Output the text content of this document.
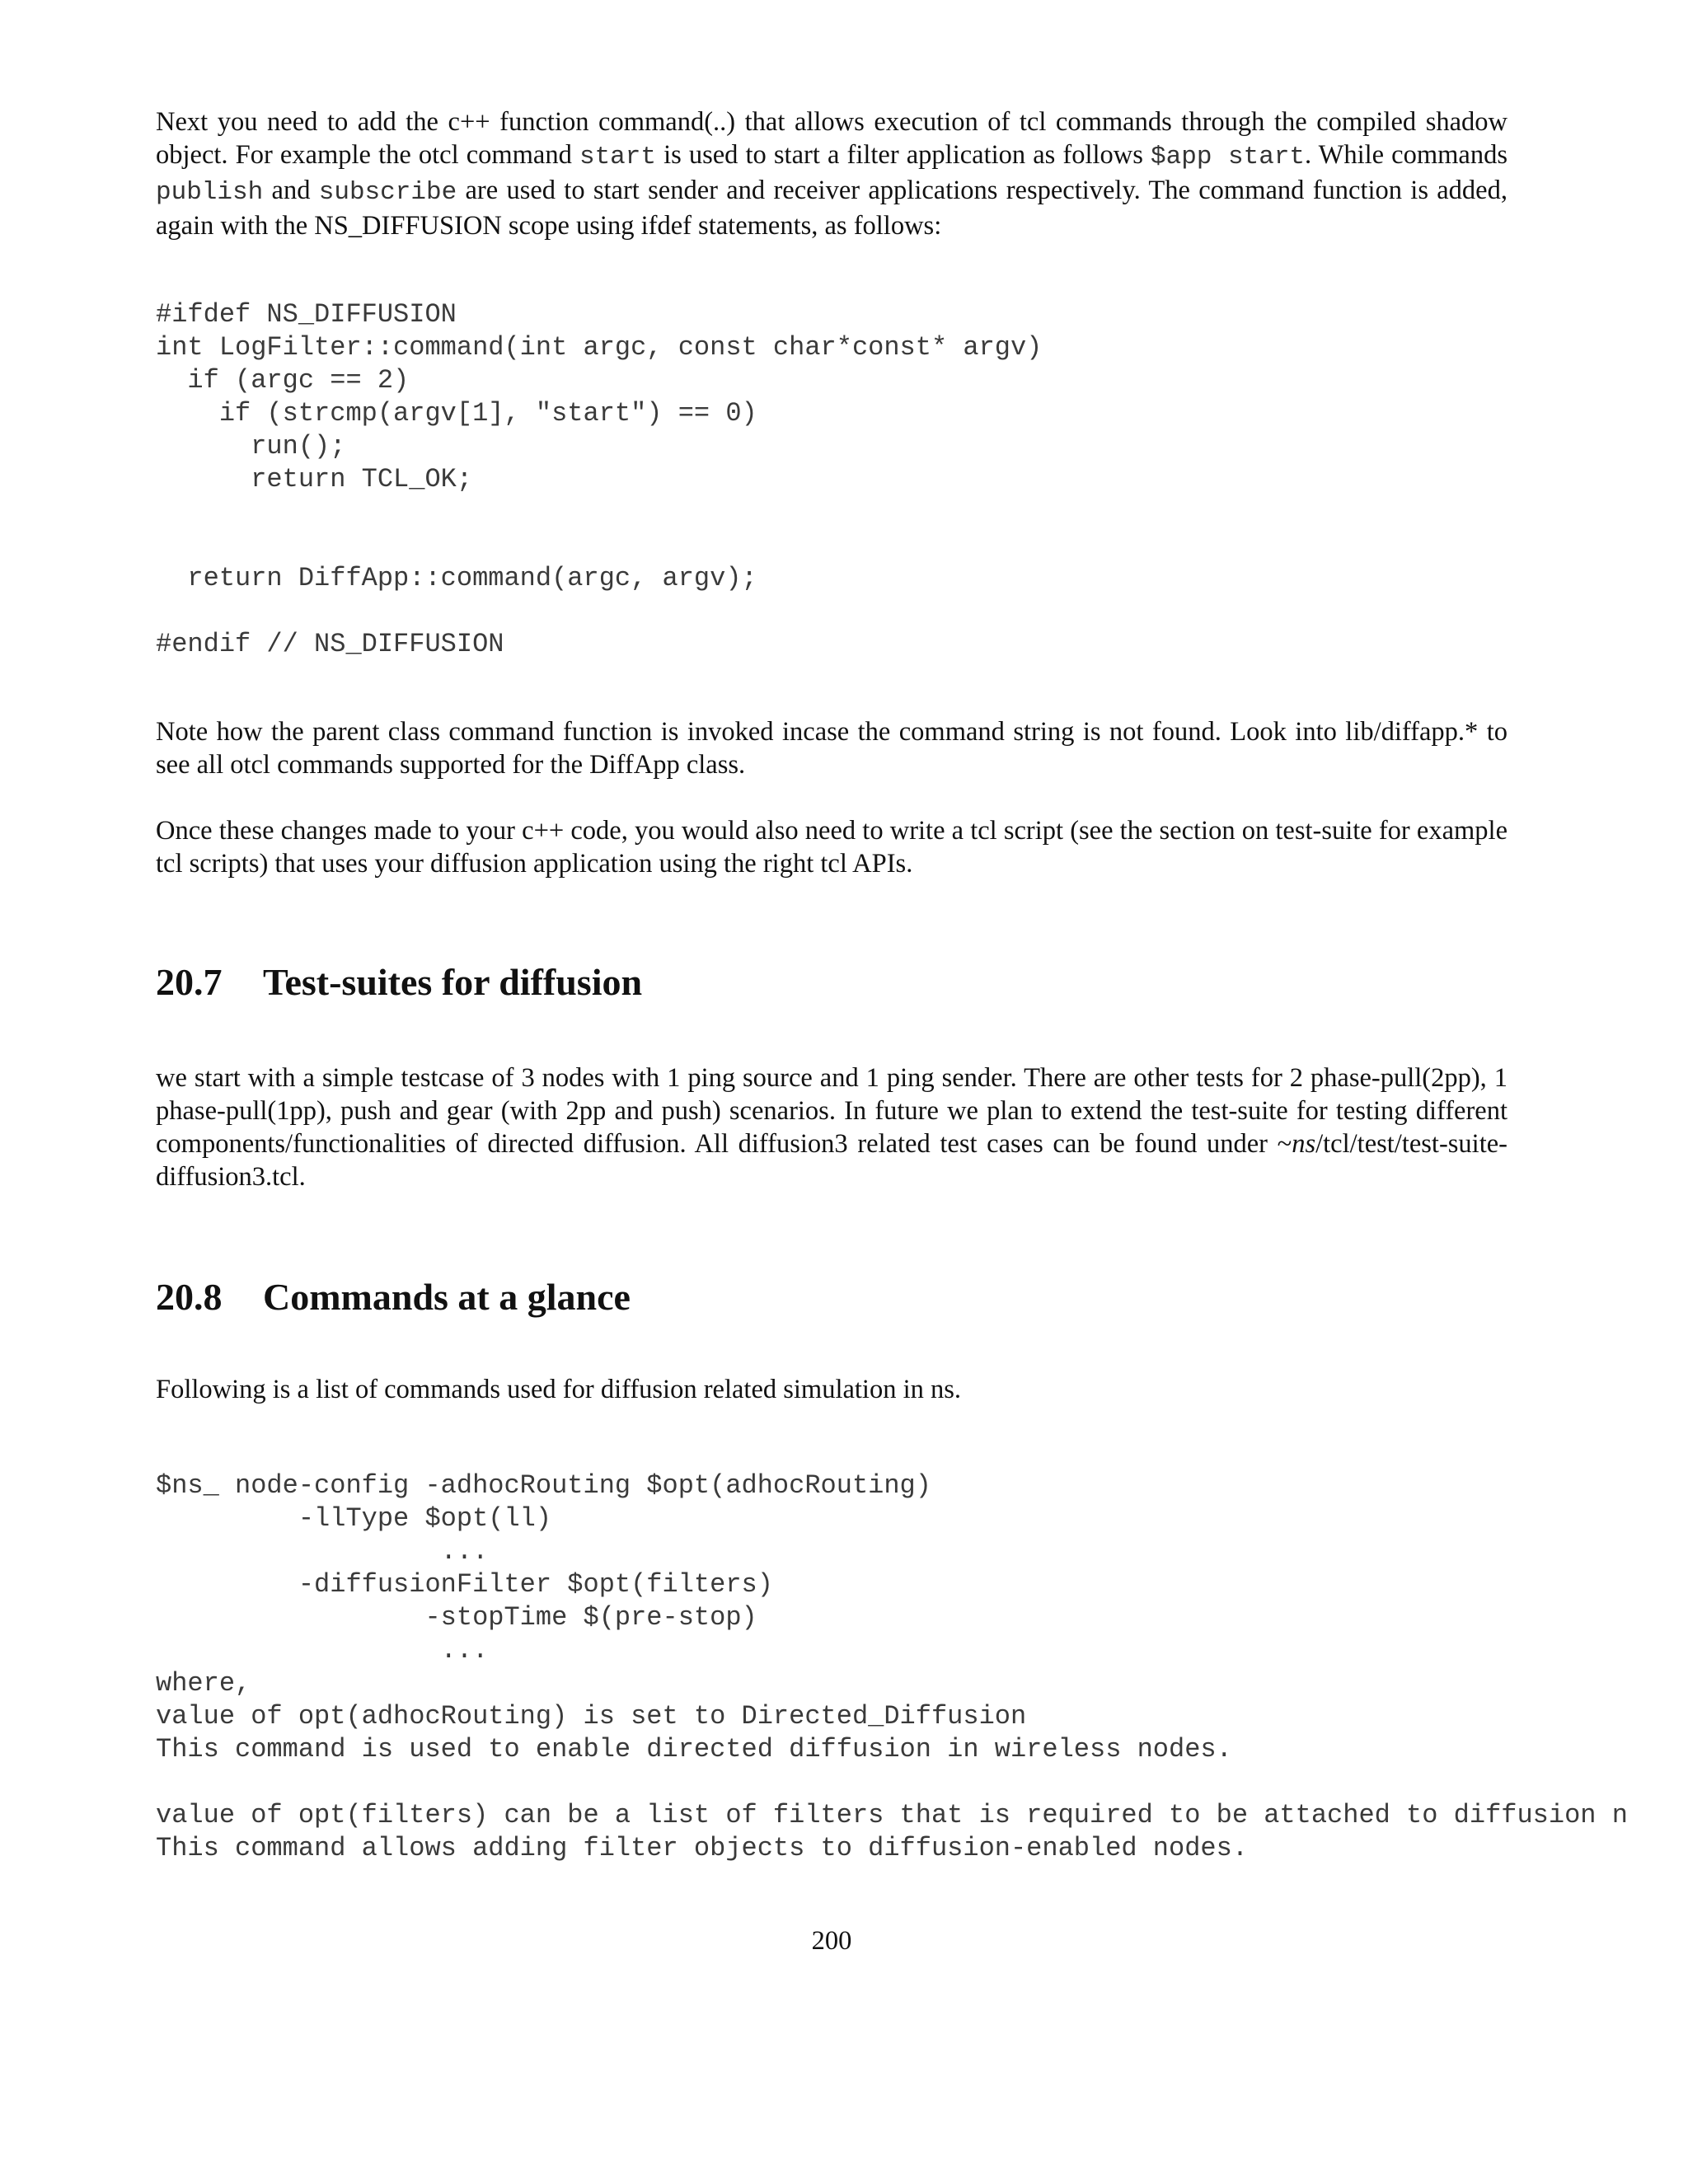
Next you need to add the c++ function command(..) that allows execution of tcl commands through the compiled shadow object. For example the otcl command start is used to start a filter application as follows $app start. While commands publish and subscribe are used to start sender and receiver applications respectively. The command function is added, again with the NS_DIFFUSION scope using ifdef statements, as follows:
#ifdef NS_DIFFUSION
int LogFilter::command(int argc, const char*const* argv)
if (argc == 2)
if (strcmp(argv[1], "start") == 0)
run();
return TCL_OK;

return DiffApp::command(argc, argv);

#endif // NS_DIFFUSION
Note how the parent class command function is invoked incase the command string is not found. Look into lib/diffapp.* to see all otcl commands supported for the DiffApp class.
Once these changes made to your c++ code, you would also need to write a tcl script (see the section on test-suite for example tcl scripts) that uses your diffusion application using the right tcl APIs.
20.7 Test-suites for diffusion
we start with a simple testcase of 3 nodes with 1 ping source and 1 ping sender. There are other tests for 2 phase-pull(2pp), 1 phase-pull(1pp), push and gear (with 2pp and push) scenarios. In future we plan to extend the test-suite for testing different components/functionalities of directed diffusion. All diffusion3 related test cases can be found under ~ns/tcl/test/test-suite-diffusion3.tcl.
20.8 Commands at a glance
Following is a list of commands used for diffusion related simulation in ns.
$ns_ node-config -adhocRouting $opt(adhocRouting)
-llType $opt(ll)
...
-diffusionFilter $opt(filters)
-stopTime $(pre-stop)
...
where,
value of opt(adhocRouting) is set to Directed_Diffusion
This command is used to enable directed diffusion in wireless nodes.

value of opt(filters) can be a list of filters that is required to be attached to diffusion n
This command allows adding filter objects to diffusion-enabled nodes.
200
